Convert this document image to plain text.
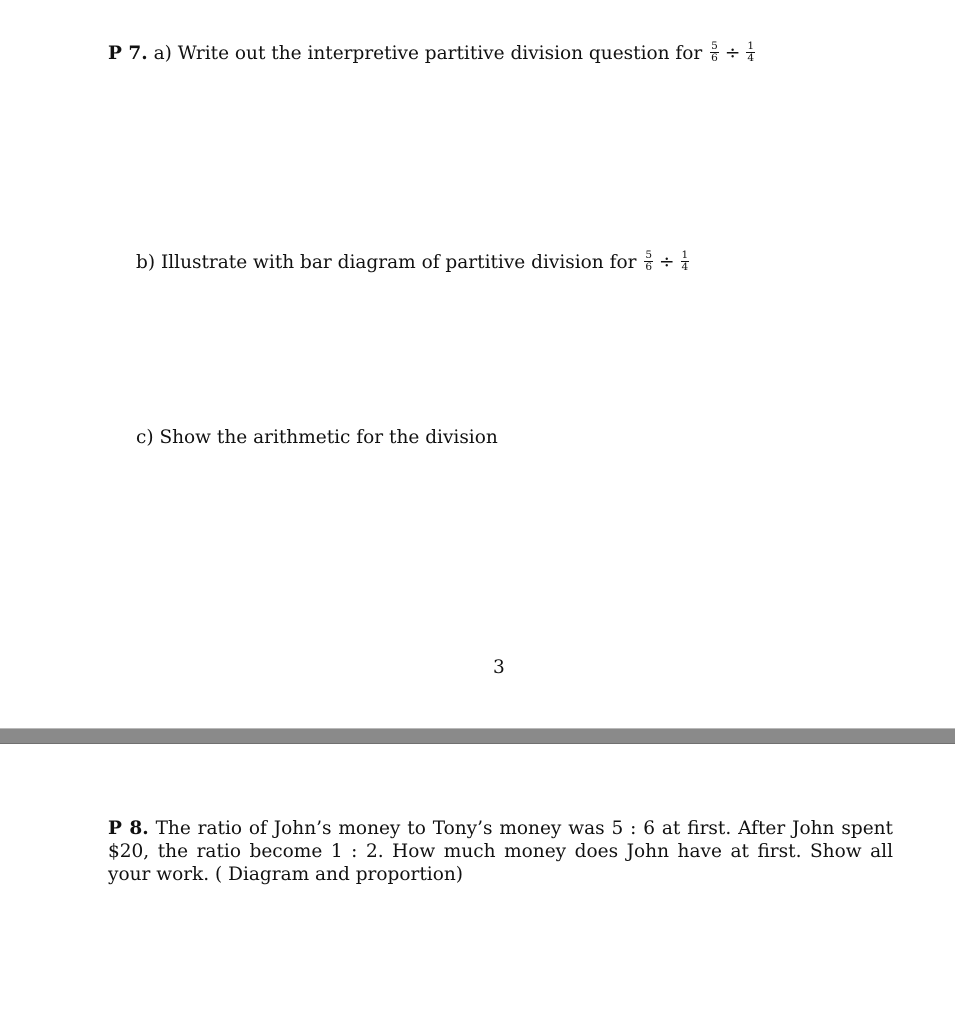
P 7. a) Write out the interpretive partitive division question for $\frac{5}{6} \div \frac{1}{4}$
b) Illustrate with bar diagram of partitive division for $\frac{5}{6} \div \frac{1}{4}$
c) Show the arithmetic for the division
3
P 8. The ratio of John’s money to Tony’s money was 5 : 6 at first. After John spent $20, the ratio become 1 : 2. How much money does John have at first. Show all your work. ( Diagram and proportion)
